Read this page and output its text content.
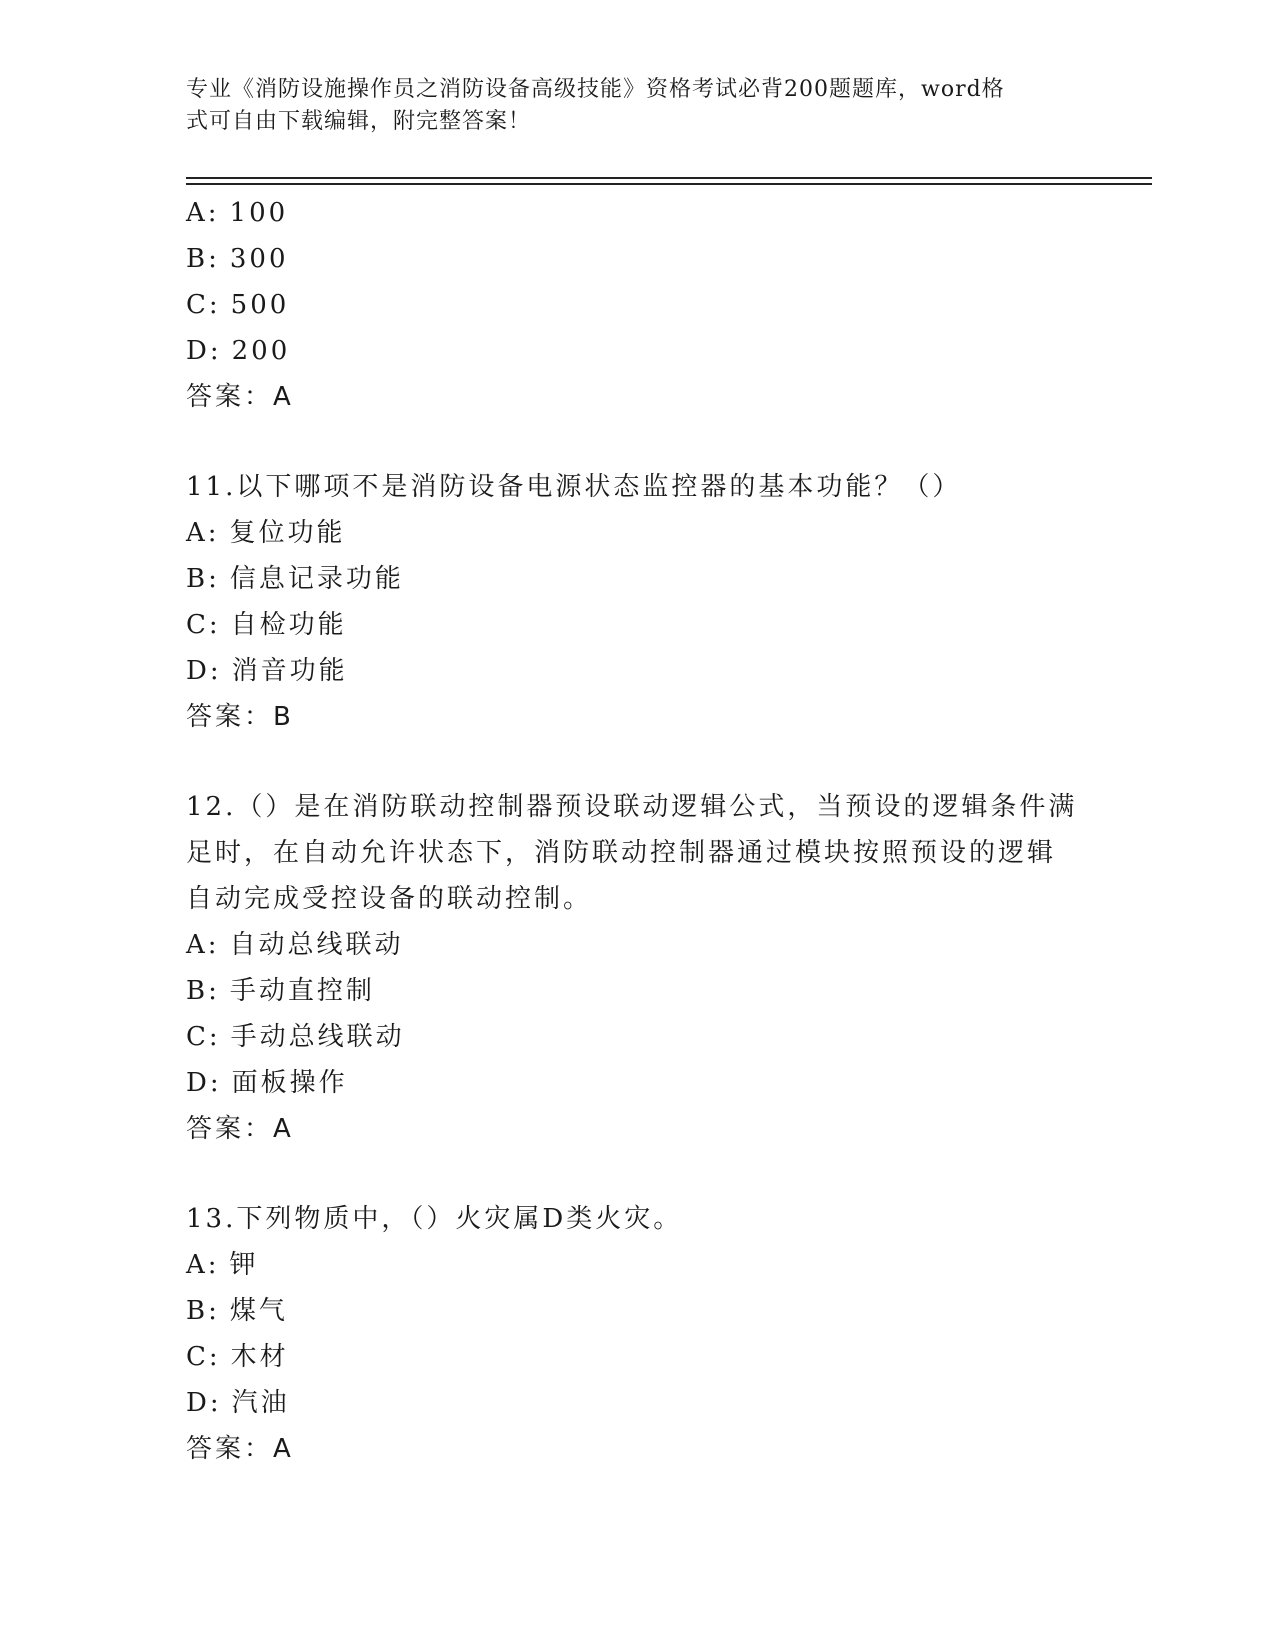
专业《消防设施操作员之消防设备高级技能》资格考试必背200题题库，word格
式可自由下载编辑，附完整答案！
A: 100
B: 300
C: 500
D: 200
答案：A
11.以下哪项不是消防设备电源状态监控器的基本功能？（）
A: 复位功能
B: 信息记录功能
C: 自检功能
D: 消音功能
答案：B
12.（）是在消防联动控制器预设联动逻辑公式，当预设的逻辑条件满
足时，在自动允许状态下，消防联动控制器通过模块按照预设的逻辑
自动完成受控设备的联动控制。
A: 自动总线联动
B: 手动直控制
C: 手动总线联动
D: 面板操作
答案：A
13.下列物质中，（）火灾属D类火灾。
A: 钾
B: 煤气
C: 木材
D: 汽油
答案：A
